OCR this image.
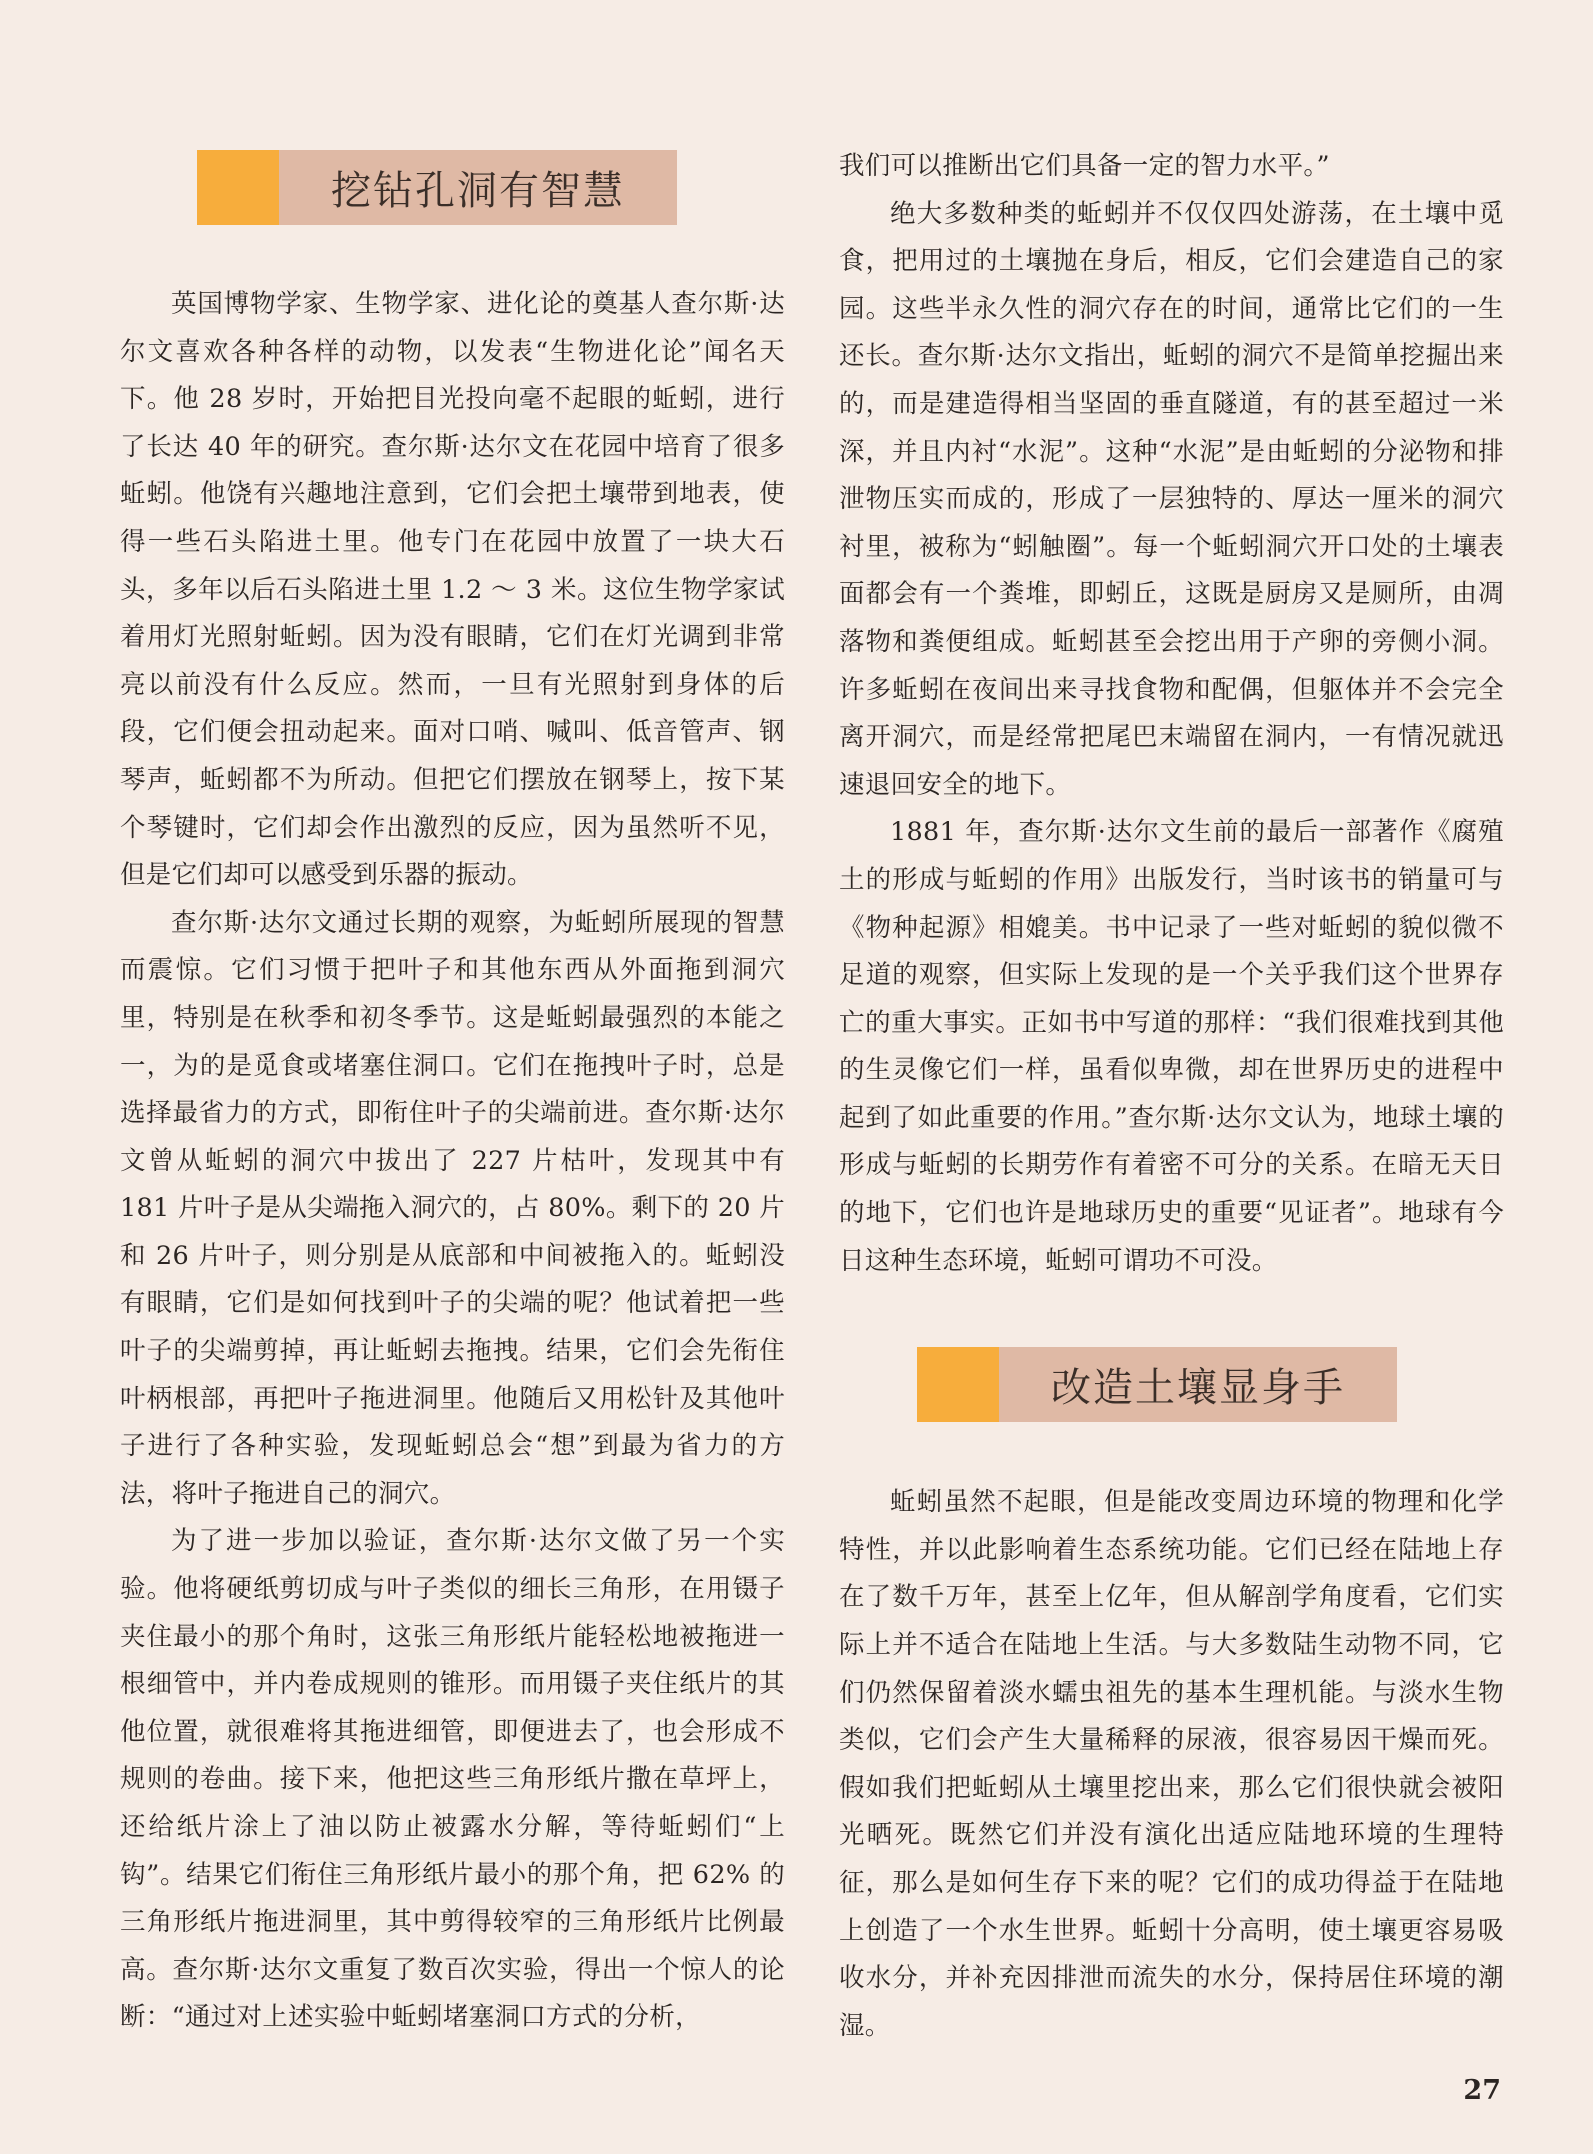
挖钻孔洞有智慧

英国博物学家、生物学家、进化论的奠基人查尔斯·达尔文喜欢各种各样的动物，以发表“生物进化论”闻名天下。他 28 岁时，开始把目光投向毫不起眼的蚯蚓，进行了长达 40 年的研究。查尔斯·达尔文在花园中培育了很多蚯蚓。他饶有兴趣地注意到，它们会把土壤带到地表，使得一些石头陷进土里。他专门在花园中放置了一块大石头，多年以后石头陷进土里 1.2 ～ 3 米。这位生物学家试着用灯光照射蚯蚓。因为没有眼睛，它们在灯光调到非常亮以前没有什么反应。然而，一旦有光照射到身体的后段，它们便会扭动起来。面对口哨、喊叫、低音管声、钢琴声，蚯蚓都不为所动。但把它们摆放在钢琴上，按下某个琴键时，它们却会作出激烈的反应，因为虽然听不见，但是它们却可以感受到乐器的振动。

查尔斯·达尔文通过长期的观察，为蚯蚓所展现的智慧而震惊。它们习惯于把叶子和其他东西从外面拖到洞穴里，特别是在秋季和初冬季节。这是蚯蚓最强烈的本能之一，为的是觅食或堵塞住洞口。它们在拖拽叶子时，总是选择最省力的方式，即衔住叶子的尖端前进。查尔斯·达尔文曾从蚯蚓的洞穴中拔出了 227 片枯叶，发现其中有 181 片叶子是从尖端拖入洞穴的，占 80%。剩下的 20 片和 26 片叶子，则分别是从底部和中间被拖入的。蚯蚓没有眼睛，它们是如何找到叶子的尖端的呢？他试着把一些叶子的尖端剪掉，再让蚯蚓去拖拽。结果，它们会先衔住叶柄根部，再把叶子拖进洞里。他随后又用松针及其他叶子进行了各种实验，发现蚯蚓总会“想”到最为省力的方法，将叶子拖进自己的洞穴。

为了进一步加以验证，查尔斯·达尔文做了另一个实验。他将硬纸剪切成与叶子类似的细长三角形，在用镊子夹住最小的那个角时，这张三角形纸片能轻松地被拖进一根细管中，并内卷成规则的锥形。而用镊子夹住纸片的其他位置，就很难将其拖进细管，即便进去了，也会形成不规则的卷曲。接下来，他把这些三角形纸片撒在草坪上，还给纸片涂上了油以防止被露水分解，等待蚯蚓们“上钩”。结果它们衔住三角形纸片最小的那个角，把 62% 的三角形纸片拖进洞里，其中剪得较窄的三角形纸片比例最高。查尔斯·达尔文重复了数百次实验，得出一个惊人的论断：“通过对上述实验中蚯蚓堵塞洞口方式的分析，

我们可以推断出它们具备一定的智力水平。”

绝大多数种类的蚯蚓并不仅仅四处游荡，在土壤中觅食，把用过的土壤抛在身后，相反，它们会建造自己的家园。这些半永久性的洞穴存在的时间，通常比它们的一生还长。查尔斯·达尔文指出，蚯蚓的洞穴不是简单挖掘出来的，而是建造得相当坚固的垂直隧道，有的甚至超过一米深，并且内衬“水泥”。这种“水泥”是由蚯蚓的分泌物和排泄物压实而成的，形成了一层独特的、厚达一厘米的洞穴衬里，被称为“蚓触圈”。每一个蚯蚓洞穴开口处的土壤表面都会有一个粪堆，即蚓丘，这既是厨房又是厕所，由凋落物和粪便组成。蚯蚓甚至会挖出用于产卵的旁侧小洞。许多蚯蚓在夜间出来寻找食物和配偶，但躯体并不会完全离开洞穴，而是经常把尾巴末端留在洞内，一有情况就迅速退回安全的地下。

1881 年，查尔斯·达尔文生前的最后一部著作《腐殖土的形成与蚯蚓的作用》出版发行，当时该书的销量可与《物种起源》相媲美。书中记录了一些对蚯蚓的貌似微不足道的观察，但实际上发现的是一个关乎我们这个世界存亡的重大事实。正如书中写道的那样：“我们很难找到其他的生灵像它们一样，虽看似卑微，却在世界历史的进程中起到了如此重要的作用。”查尔斯·达尔文认为，地球土壤的形成与蚯蚓的长期劳作有着密不可分的关系。在暗无天日的地下，它们也许是地球历史的重要“见证者”。地球有今日这种生态环境，蚯蚓可谓功不可没。

改造土壤显身手

蚯蚓虽然不起眼，但是能改变周边环境的物理和化学特性，并以此影响着生态系统功能。它们已经在陆地上存在了数千万年，甚至上亿年，但从解剖学角度看，它们实际上并不适合在陆地上生活。与大多数陆生动物不同，它们仍然保留着淡水蠕虫祖先的基本生理机能。与淡水生物类似，它们会产生大量稀释的尿液，很容易因干燥而死。假如我们把蚯蚓从土壤里挖出来，那么它们很快就会被阳光晒死。既然它们并没有演化出适应陆地环境的生理特征，那么是如何生存下来的呢？它们的成功得益于在陆地上创造了一个水生世界。蚯蚓十分高明，使土壤更容易吸收水分，并补充因排泄而流失的水分，保持居住环境的潮湿。

27
